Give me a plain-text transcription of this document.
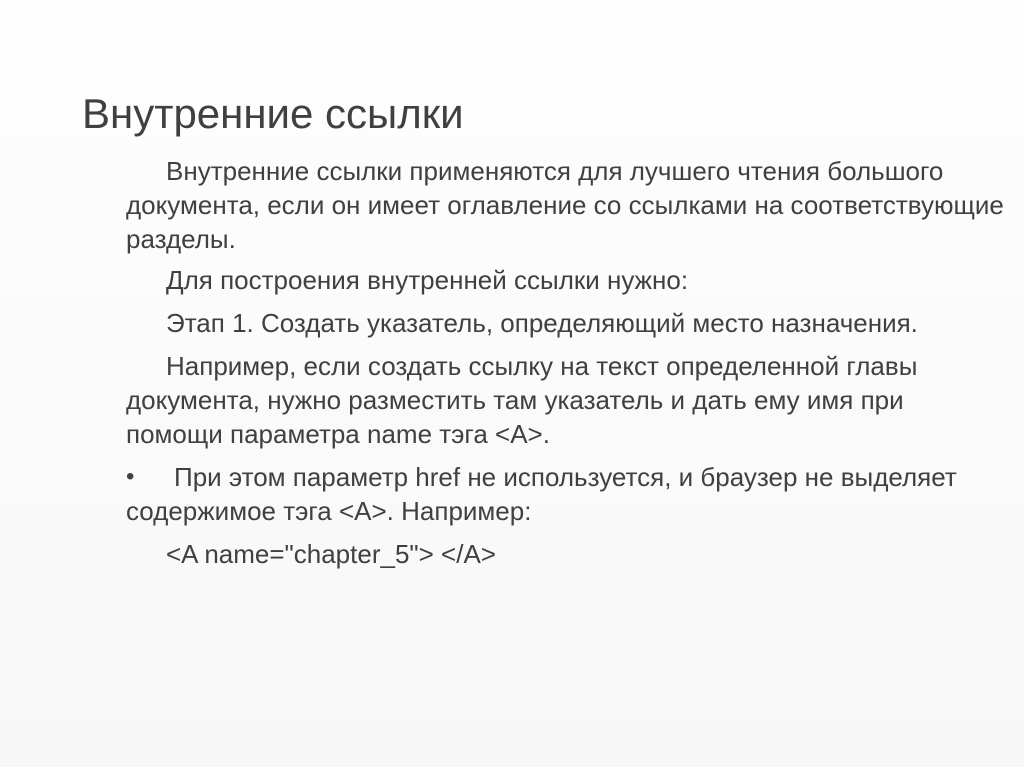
Внутренние ссылки

Внутренние ссылки применяются для лучшего чтения большого документа, если он имеет оглавление со ссылками на соответствующие разделы.

Для построения внутренней ссылки нужно:

Этап 1. Создать указатель, определяющий место назначения.

Например, если создать ссылку на текст определенной главы документа, нужно разместить там указатель и дать ему имя при помощи параметра name тэга <A>.

• При этом параметр href не используется, и браузер не выделяет содержимое тэга <A>. Например:

<A name="chapter_5"> </A>
